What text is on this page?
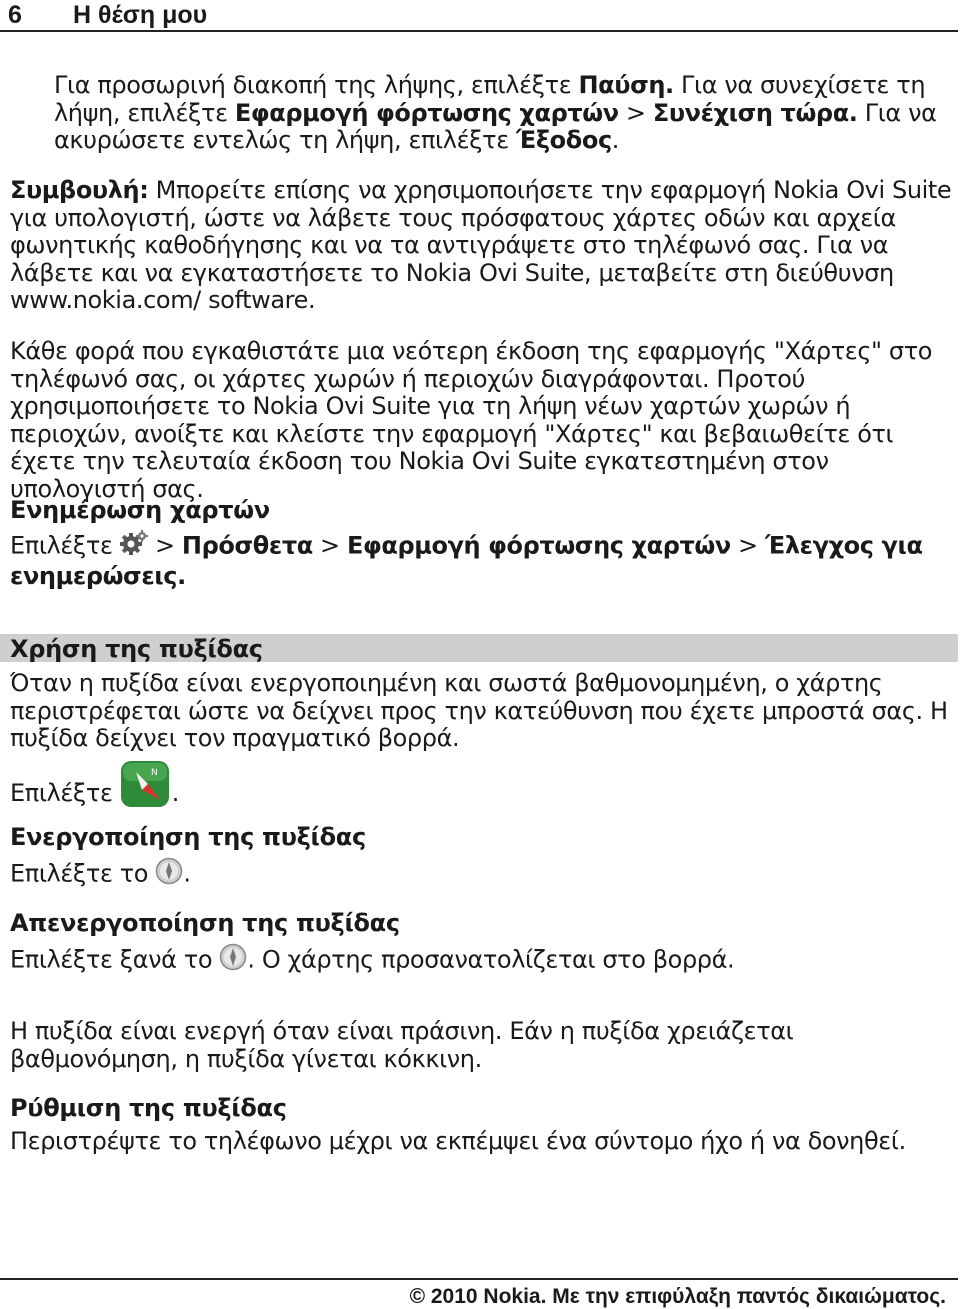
6 Η θέση μου

Για προσωρινή διακοπή της λήψης, επιλέξτε Παύση. Για να συνεχίσετε τη λήψη, επιλέξτε Εφαρμογή φόρτωσης χαρτών > Συνέχιση τώρα. Για να ακυρώσετε εντελώς τη λήψη, επιλέξτε Έξοδος.

Συμβουλή: Μπορείτε επίσης να χρησιμοποιήσετε την εφαρμογή Nokia Ovi Suite για υπολογιστή, ώστε να λάβετε τους πρόσφατους χάρτες οδών και αρχεία φωνητικής καθοδήγησης και να τα αντιγράψετε στο τηλέφωνό σας. Για να λάβετε και να εγκαταστήσετε το Nokia Ovi Suite, μεταβείτε στη διεύθυνση www.nokia.com/ software.

Κάθε φορά που εγκαθιστάτε μια νεότερη έκδοση της εφαρμογής "Χάρτες" στο τηλέφωνό σας, οι χάρτες χωρών ή περιοχών διαγράφονται. Προτού χρησιμοποιήσετε το Nokia Ovi Suite για τη λήψη νέων χαρτών χωρών ή περιοχών, ανοίξτε και κλείστε την εφαρμογή "Χάρτες" και βεβαιωθείτε ότι έχετε την τελευταία έκδοση του Nokia Ovi Suite εγκατεστημένη στον υπολογιστή σας.

Ενημέρωση χαρτών

Επιλέξτε  > Πρόσθετα > Εφαρμογή φόρτωσης χαρτών > Έλεγχος για ενημερώσεις.

Χρήση της πυξίδας

Όταν η πυξίδα είναι ενεργοποιημένη και σωστά βαθμονομημένη, ο χάρτης περιστρέφεται ώστε να δείχνει προς την κατεύθυνση που έχετε μπροστά σας. Η πυξίδα δείχνει τον πραγματικό βορρά.

Επιλέξτε
N
.

Ενεργοποίηση της πυξίδας

Επιλέξτε το .

Απενεργοποίηση της πυξίδας

Επιλέξτε ξανά το . Ο χάρτης προσανατολίζεται στο βορρά.

Η πυξίδα είναι ενεργή όταν είναι πράσινη. Εάν η πυξίδα χρειάζεται βαθμονόμηση, η πυξίδα γίνεται κόκκινη.

Ρύθμιση της πυξίδας

Περιστρέψτε το τηλέφωνο μέχρι να εκπέμψει ένα σύντομο ήχο ή να δονηθεί.

© 2010 Nokia. Με την επιφύλαξη παντός δικαιώματος.
